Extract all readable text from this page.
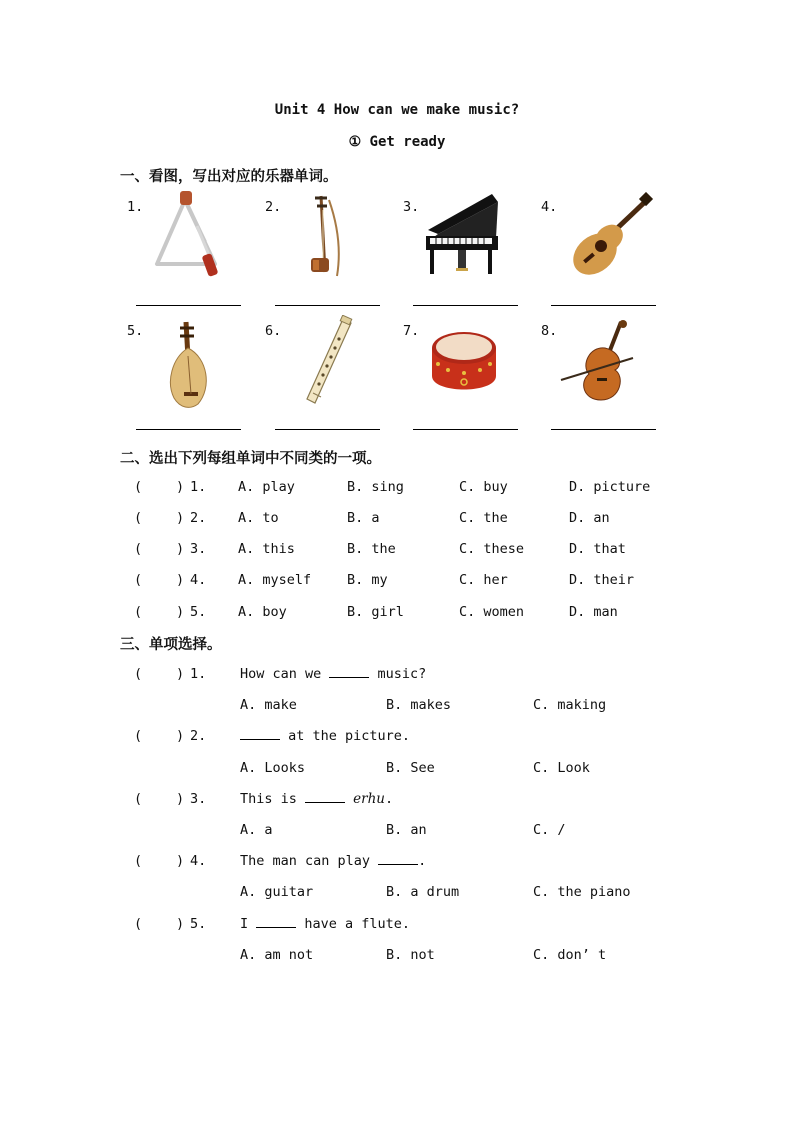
Unit 4 How can we make music?
① Get ready
一、看图，写出对应的乐器单词。
1.	2.	3.	4.
5.	6.	7.	8.
二、选出下列每组单词中不同类的一项。
(	) 1. A. play	B. sing	C. buy	D. picture
(	) 2. A. to	B. a	C. the	D. an
(	) 3. A. this	B. the	C. these	D. that
(	) 4. A. myself	B. my	C. her	D. their
(	) 5. A. boy	B. girl	C. women	D. man
三、单项选择。
(	) 1. How can we	music?
A. make	B. makes	C. making
(	) 2.	at the picture.
A. Looks	B. See	C. Look
(	) 3. This is	erhu.
A. a	B. an	C. /
(	) 4. The man can play	.
A. guitar	B. a drum	C. the piano
(	) 5. I	have a flute.
A. am not	B. not	C. don’ t
